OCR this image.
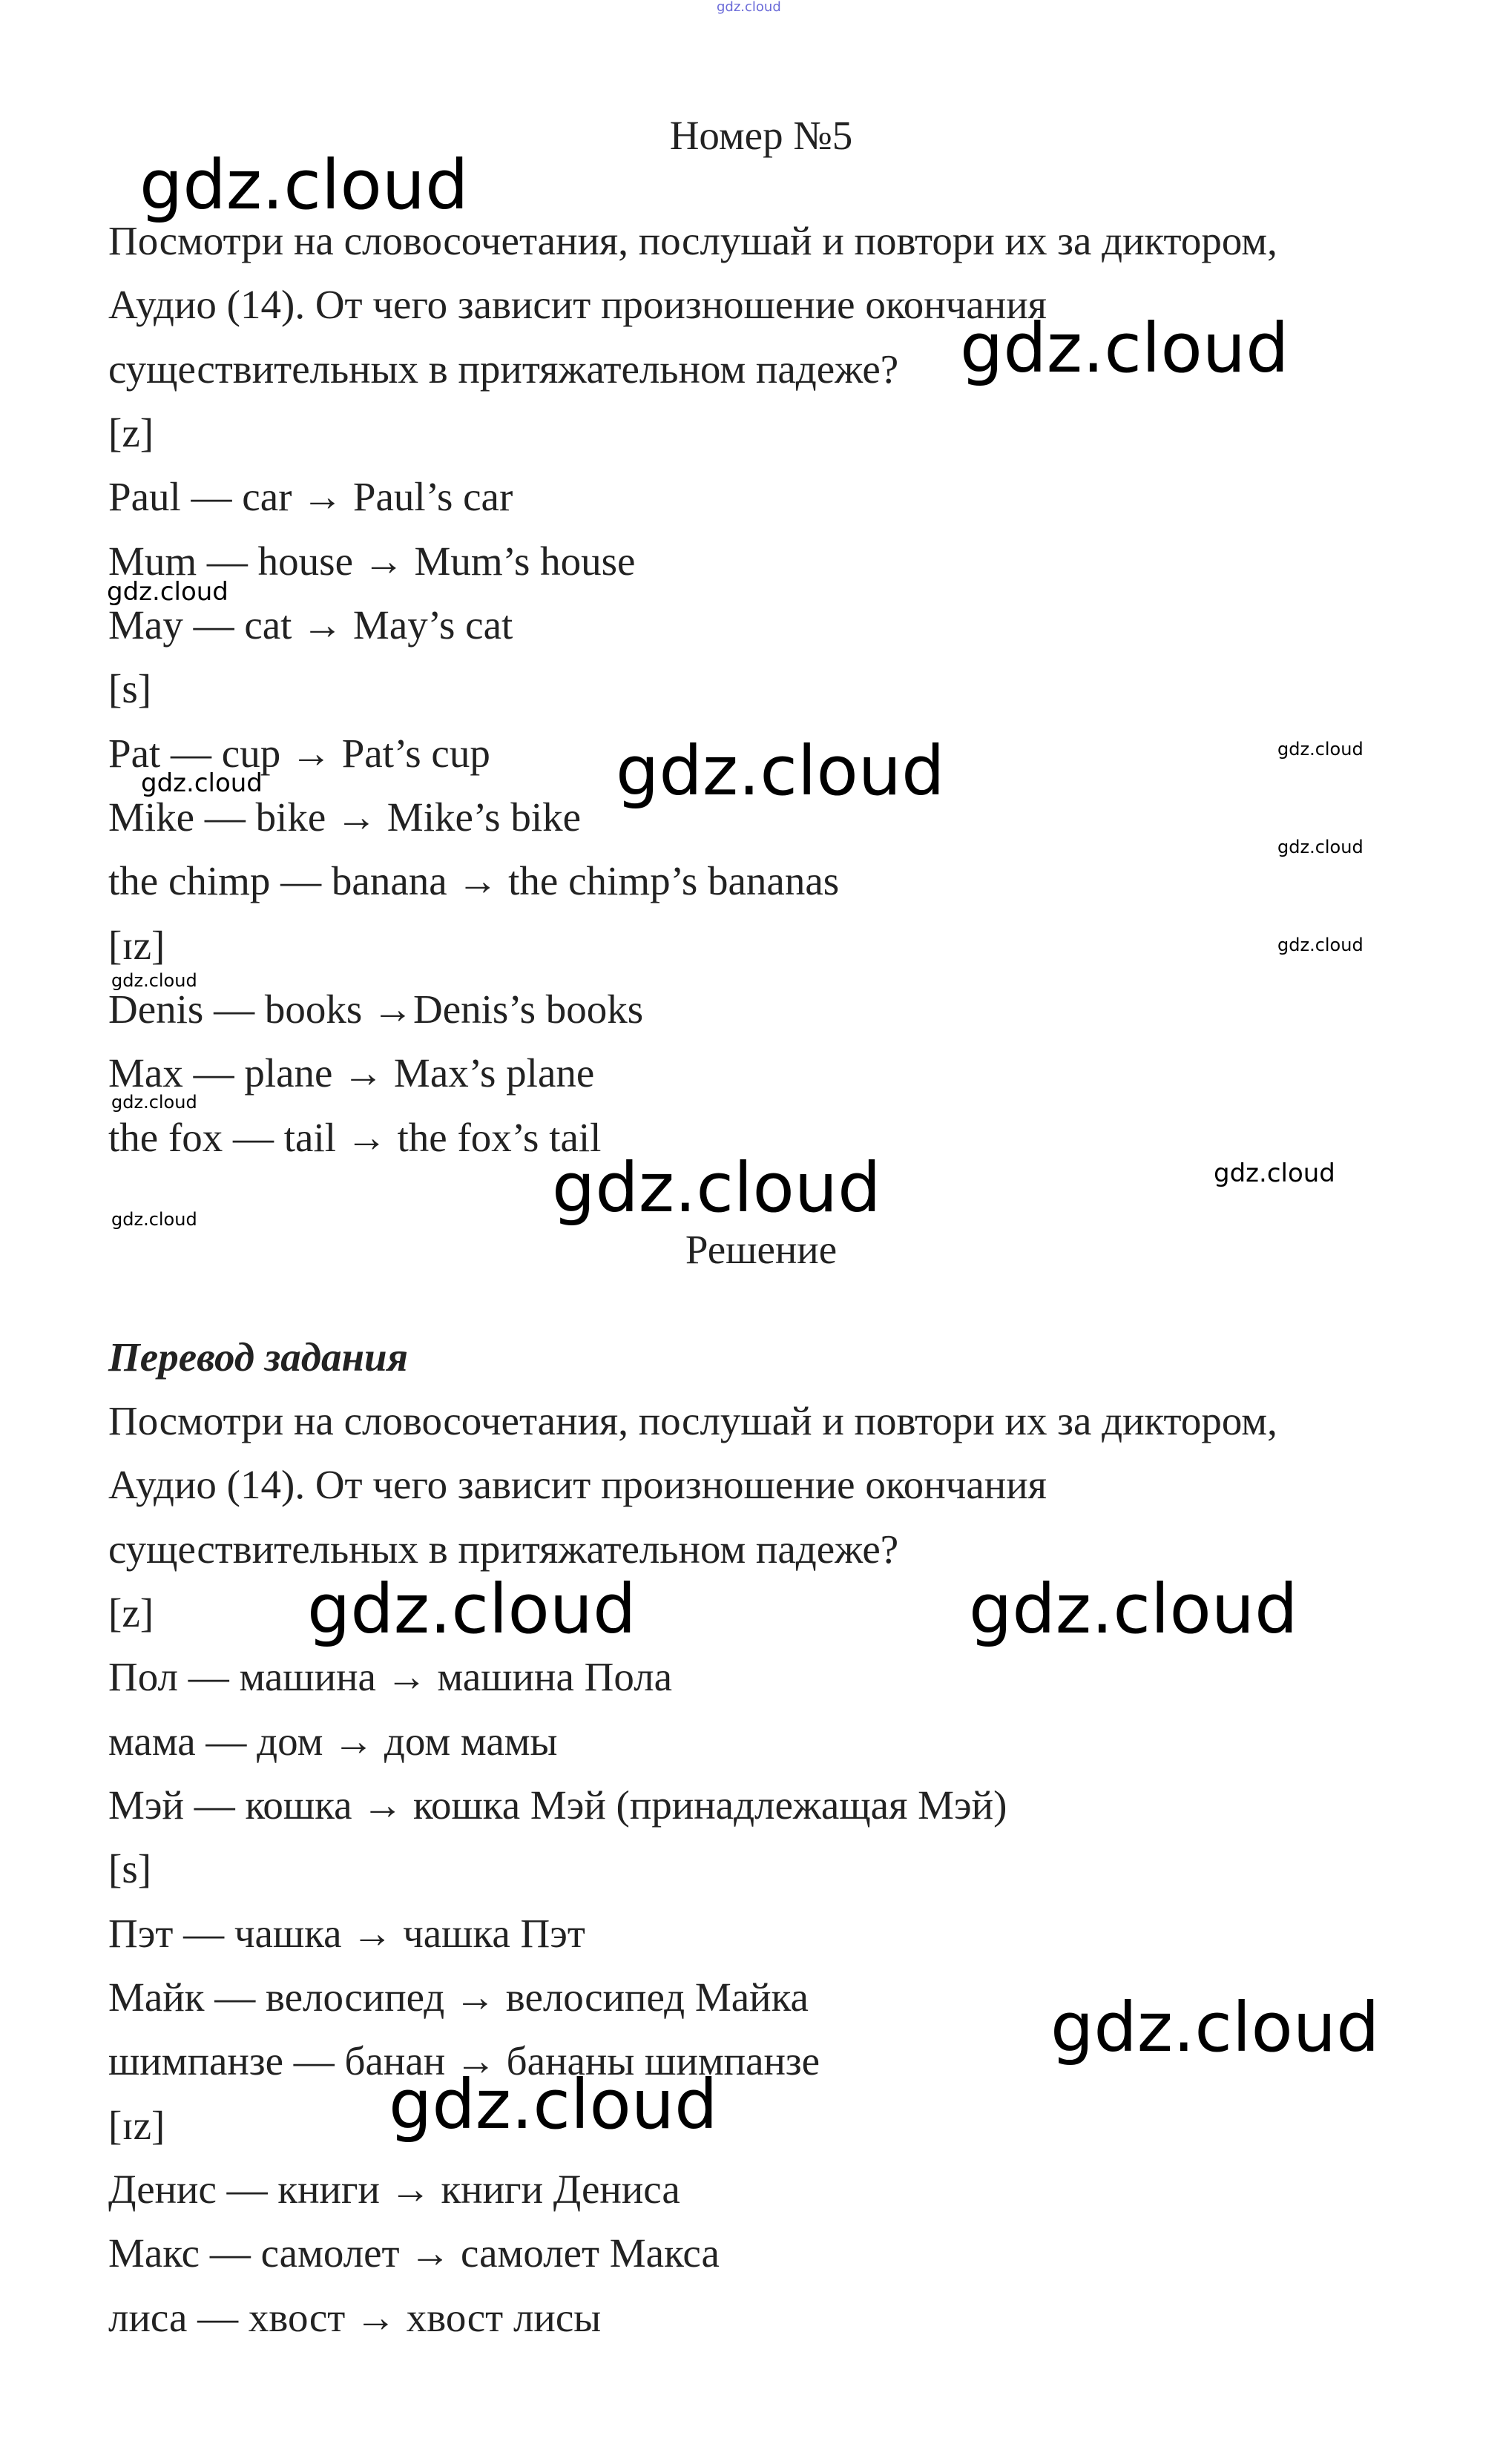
gdz.cloud
Номер №5
Посмотри на словосочетания, послушай и повтори их за диктором,
Аудио (14). От чего зависит произношение окончания
существительных в притяжательном падеже?
[z]
Paul — car → Paul’s car
Mum — house → Mum’s house
May — cat → May’s cat
[s]
Pat — cup → Pat’s cup
Mike — bike → Mike’s bike
the chimp — banana → the chimp’s bananas
[ɪz]
Denis — books →Denis’s books
Max — plane → Max’s plane
the fox — tail → the fox’s tail
Решение
Перевод задания
Посмотри на словосочетания, послушай и повтори их за диктором,
Аудио (14). От чего зависит произношение окончания
существительных в притяжательном падеже?
[z]
Пол — машина → машина Пола
мама — дом → дом мамы
Мэй — кошка → кошка Мэй (принадлежащая Мэй)
[s]
Пэт — чашка → чашка Пэт
Майк — велосипед → велосипед Майка
шимпанзе — банан → бананы шимпанзе
[ɪz]
Денис — книги → книги Дениса
Макс — самолет → самолет Макса
лиса — хвост → хвост лисы
gdz.cloud
gdz.cloud
gdz.cloud
gdz.cloud
gdz.cloud
gdz.cloud
gdz.cloud
gdz.cloud
gdz.cloud
gdz.cloud
gdz.cloud	gdz.cloud
gdz.cloud
gdz.cloud	gdz.cloud
gdz.cloud
gdz.cloud
